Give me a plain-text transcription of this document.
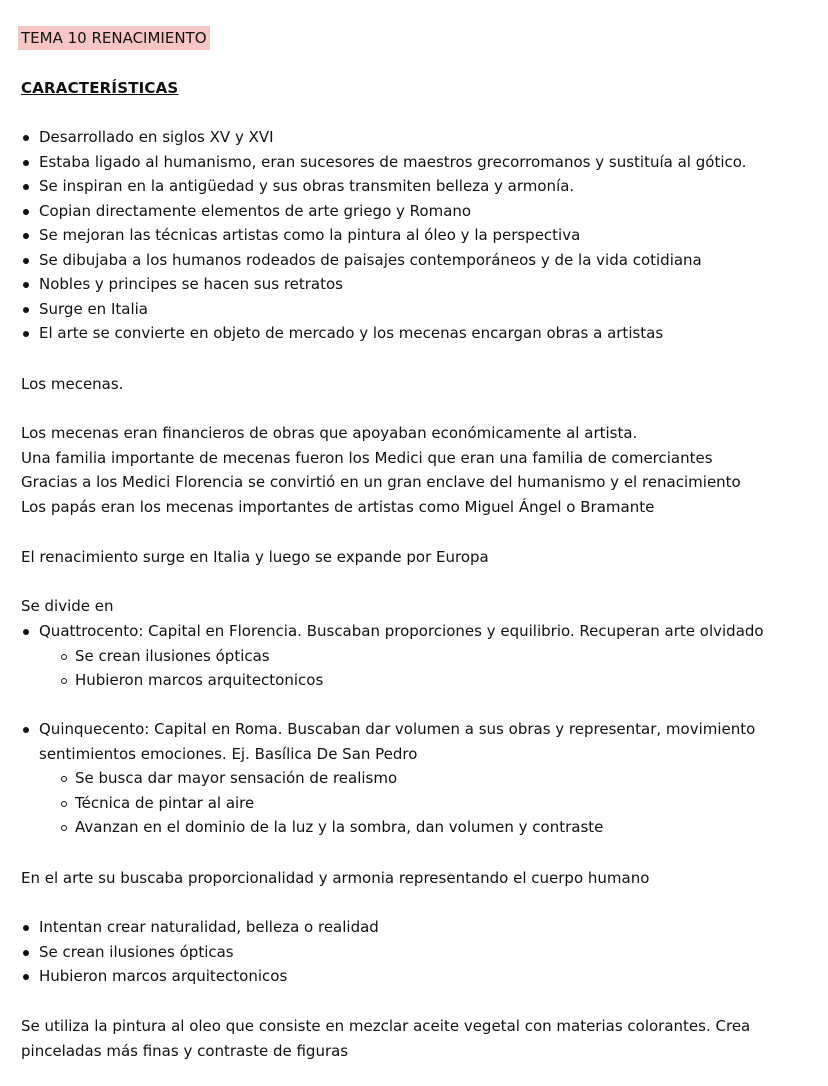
TEMA 10 RENACIMIENTO
CARACTERÍSTICAS
Desarrollado en siglos XV y XVI
Estaba ligado al humanismo, eran sucesores de maestros grecorromanos y sustituía al gótico.
Se inspiran en la antigüedad y sus obras transmiten belleza y armonía.
Copian directamente elementos de arte griego y Romano
Se mejoran las técnicas artistas como la pintura al óleo y la perspectiva
Se dibujaba a los humanos rodeados de paisajes contemporáneos y de la vida cotidiana
Nobles y principes se hacen sus retratos
Surge en Italia
El arte se convierte en objeto de mercado y los mecenas encargan obras a artistas
Los mecenas.

Los mecenas eran financieros de obras que apoyaban económicamente al artista.

Una familia importante de mecenas fueron los Medici que eran una familia de comerciantes

Gracias a los Medici Florencia se convirtió en un gran enclave del humanismo y el renacimiento

Los papás eran los mecenas importantes de artistas como Miguel Ángel o Bramante

El renacimiento surge en Italia y luego se expande por Europa
Se divide en
Quattrocento: Capital en Florencia. Buscaban proporciones y equilibrio. Recuperan arte olvidado
Se crean ilusiones ópticas
Hubieron marcos arquitectonicos
Quinquecento: Capital en Roma. Buscaban dar volumen a sus obras y representar, movimiento sentimientos emociones. Ej. Basílica De San Pedro
Se busca dar mayor sensación de realismo
Técnica de pintar al aire
Avanzan en el dominio de la luz y la sombra, dan volumen y contraste
En el arte su buscaba proporcionalidad y armonia representando el cuerpo humano
Intentan crear naturalidad, belleza o realidad
Se crean ilusiones ópticas
Hubieron marcos arquitectonicos
Se utiliza la pintura al oleo que consiste en mezclar aceite vegetal con materias colorantes. Crea pinceladas más finas y contraste de figuras
